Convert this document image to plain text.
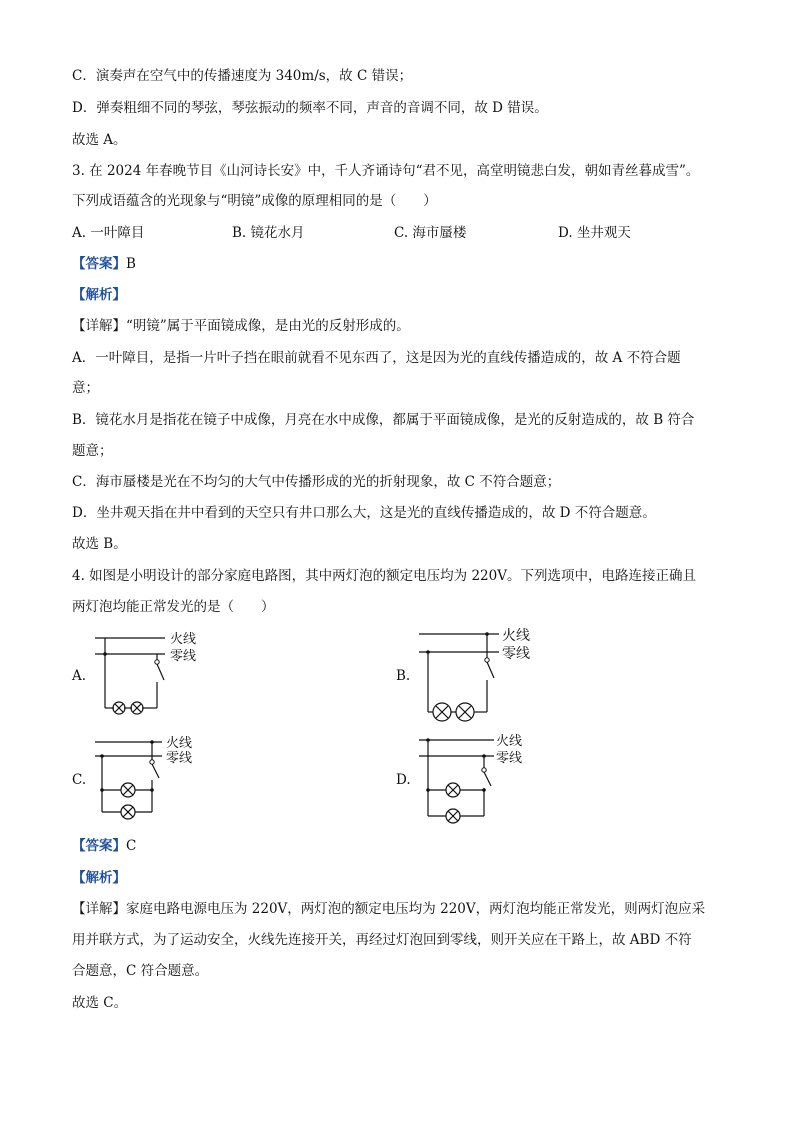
C．演奏声在空气中的传播速度为 340m/s，故 C 错误；
D．弹奏粗细不同的琴弦，琴弦振动的频率不同，声音的音调不同，故 D 错误。
故选 A。
3. 在 2024 年春晚节目《山河诗长安》中，千人齐诵诗句“君不见，高堂明镜悲白发，朝如青丝暮成雪”。
下列成语蕴含的光现象与“明镜”成像的原理相同的是（　　）
A. 一叶障目	B. 镜花水月	C. 海市蜃楼	D. 坐井观天
【答案】B
【解析】
【详解】“明镜”属于平面镜成像，是由光的反射形成的。
A．一叶障目，是指一片叶子挡在眼前就看不见东西了，这是因为光的直线传播造成的，故 A 不符合题
意；
B．镜花水月是指花在镜子中成像，月亮在水中成像，都属于平面镜成像，是光的反射造成的，故 B 符合
题意；
C．海市蜃楼是光在不均匀的大气中传播形成的光的折射现象，故 C 不符合题意；
D．坐井观天指在井中看到的天空只有井口那么大，这是光的直线传播造成的，故 D 不符合题意。
故选 B。
4. 如图是小明设计的部分家庭电路图，其中两灯泡的额定电压均为 220V。下列选项中，电路连接正确且
两灯泡均能正常发光的是（　　）
A.
火线
零线
B.
火线
零线
C.
火线
零线
D.
火线
零线
【答案】C
【解析】
【详解】家庭电路电源电压为 220V，两灯泡的额定电压均为 220V，两灯泡均能正常发光，则两灯泡应采
用并联方式，为了运动安全，火线先连接开关，再经过灯泡回到零线，则开关应在干路上，故 ABD 不符
合题意，C 符合题意。
故选 C。
